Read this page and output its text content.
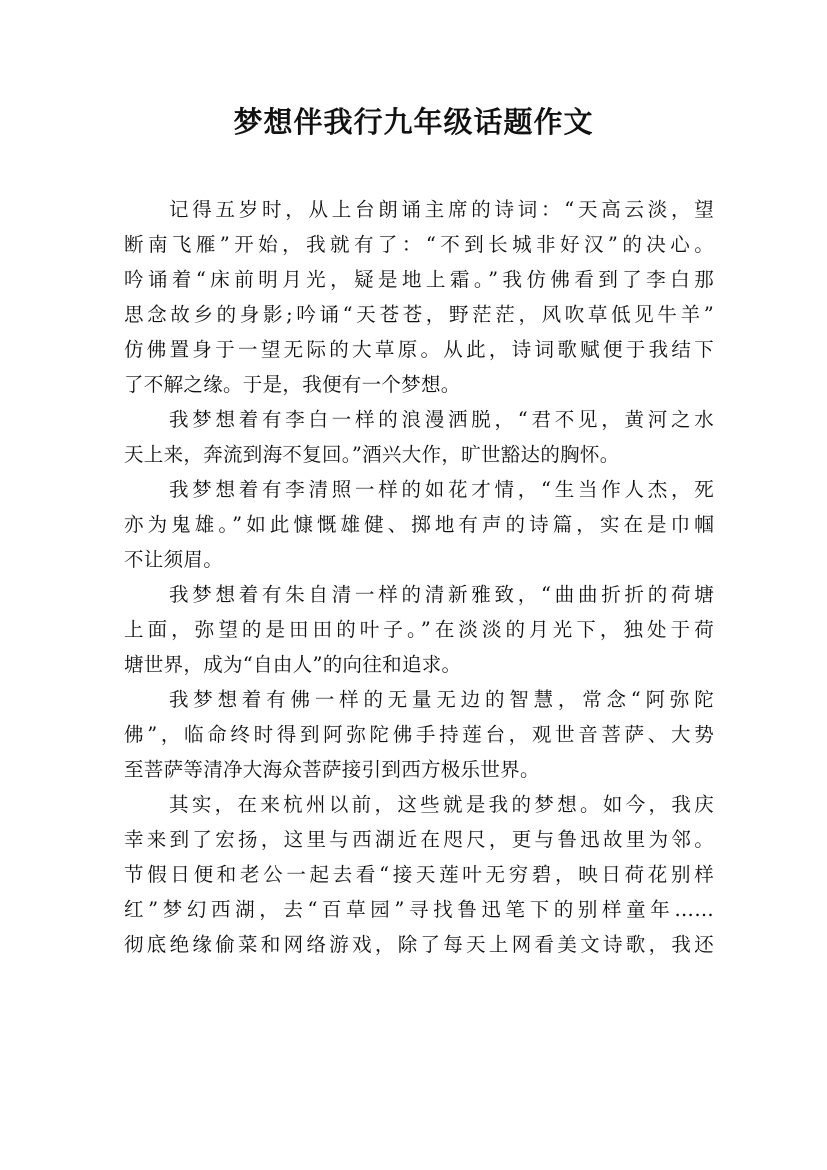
梦想伴我行九年级话题作文
记得五岁时，从上台朗诵主席的诗词：“天高云淡，望
断南飞雁”开始，我就有了：“不到长城非好汉”的决心。
吟诵着“床前明月光，疑是地上霜。”我仿佛看到了李白那
思念故乡的身影;吟诵“天苍苍，野茫茫，风吹草低见牛羊”
仿佛置身于一望无际的大草原。从此，诗词歌赋便于我结下
了不解之缘。于是，我便有一个梦想。
我梦想着有李白一样的浪漫洒脱，“君不见，黄河之水
天上来，奔流到海不复回。”酒兴大作，旷世豁达的胸怀。
我梦想着有李清照一样的如花才情，“生当作人杰，死
亦为鬼雄。”如此慷慨雄健、掷地有声的诗篇，实在是巾帼
不让须眉。
我梦想着有朱自清一样的清新雅致，“曲曲折折的荷塘
上面，弥望的是田田的叶子。”在淡淡的月光下，独处于荷
塘世界，成为“自由人”的向往和追求。
我梦想着有佛一样的无量无边的智慧，常念“阿弥陀
佛”，临命终时得到阿弥陀佛手持莲台，观世音菩萨、大势
至菩萨等清净大海众菩萨接引到西方极乐世界。
其实，在来杭州以前，这些就是我的梦想。如今，我庆
幸来到了宏扬，这里与西湖近在咫尺，更与鲁迅故里为邻。
节假日便和老公一起去看“接天莲叶无穷碧，映日荷花别样
红”梦幻西湖，去“百草园”寻找鲁迅笔下的别样童年……
彻底绝缘偷菜和网络游戏，除了每天上网看美文诗歌，我还
